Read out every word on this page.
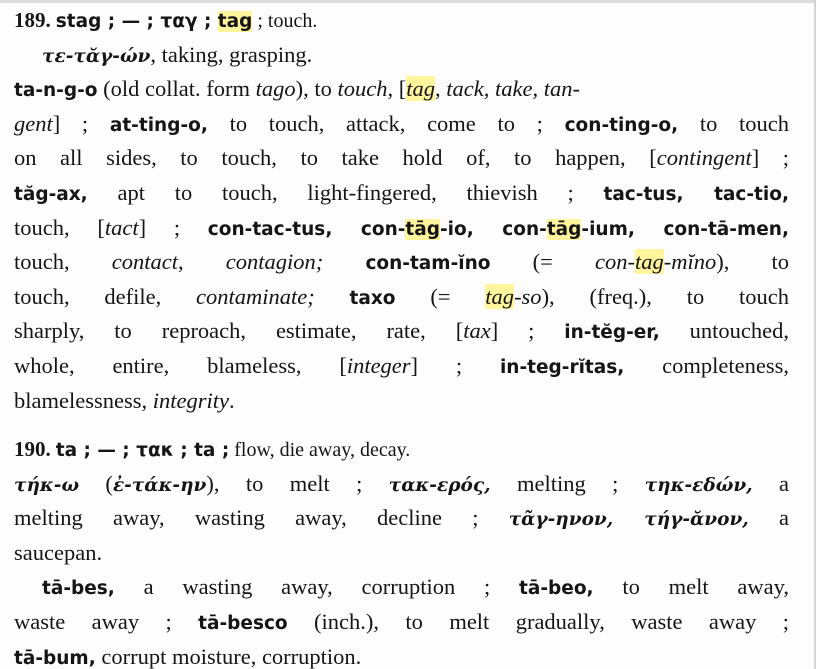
189. stag ; — ; ταγ ; tag ; touch.
τε-τᾰγ-ών, taking, grasping.
ta-n-g-o (old collat. form tago), to touch, [tag, tack, take, tan-
gent] ; at-ting-o, to touch, attack, come to ; con-ting-o, to touch
on all sides, to touch, to take hold of, to happen, [contingent] ;
tăg-ax, apt to touch, light-fingered, thievish ; tac-tus, tac-tio,
touch, [tact] ; con-tac-tus, con-tāg-io, con-tāg-ium, con-tā-men,
touch, contact, contagion; con-tam-ĭno (= con-tag-mĭno), to
touch, defile, contaminate; taxo (= tag-so), (freq.), to touch
sharply, to reproach, estimate, rate, [tax] ; in-tĕg-er, untouched,
whole, entire, blameless, [integer] ; in-teg-rĭtas, completeness,
blamelessness, integrity.
190. ta ; — ; τακ ; ta ; flow, die away, decay.
τήκ-ω (ἐ-τάκ-ην), to melt ; τακ-ερός, melting ; τηκ-εδών, a
melting away, wasting away, decline ; τᾶγ-ηνον, τήγ-ᾰνον, a
saucepan.
tā-bes, a wasting away, corruption ; tā-beo, to melt away,
waste away ; tā-besco (inch.), to melt gradually, waste away ;
tā-bum, corrupt moisture, corruption.
